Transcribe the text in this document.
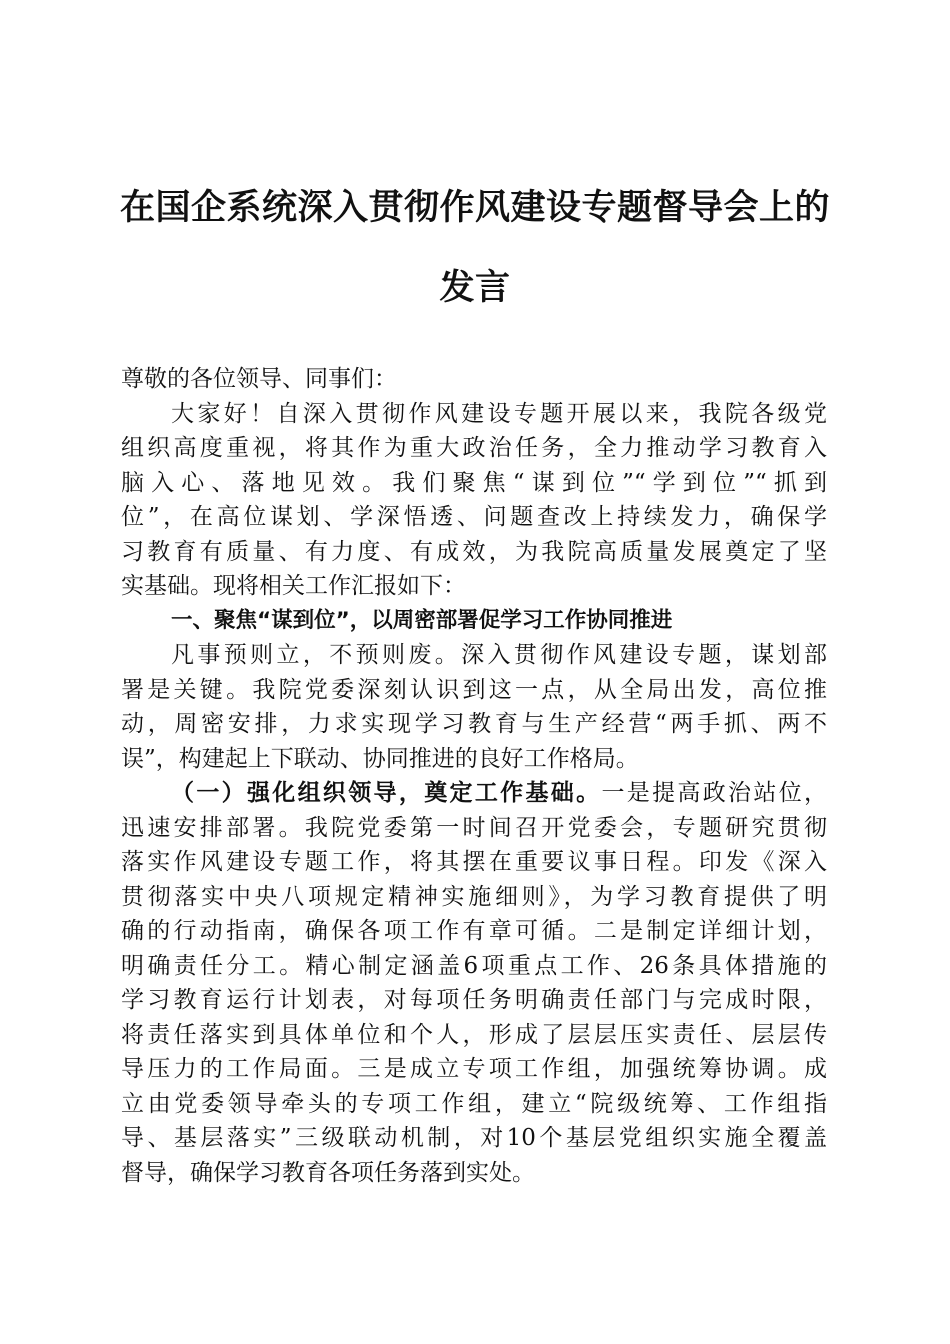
在国企系统深入贯彻作风建设专题督导会上的
发言
尊敬的各位领导、同事们：
大家好！自深入贯彻作风建设专题开展以来，我院各级党
组织高度重视，将其作为重大政治任务，全力推动学习教育入
脑入心、落地见效。我们聚焦“谋到位”“学到位”“抓到
位”，在高位谋划、学深悟透、问题查改上持续发力，确保学
习教育有质量、有力度、有成效，为我院高质量发展奠定了坚
实基础。现将相关工作汇报如下：
一、聚焦“谋到位”，以周密部署促学习工作协同推进
凡事预则立，不预则废。深入贯彻作风建设专题，谋划部
署是关键。我院党委深刻认识到这一点，从全局出发，高位推
动，周密安排，力求实现学习教育与生产经营“两手抓、两不
误”，构建起上下联动、协同推进的良好工作格局。
（一）强化组织领导，奠定工作基础。一是提高政治站位，
迅速安排部署。我院党委第一时间召开党委会，专题研究贯彻
落实作风建设专题工作，将其摆在重要议事日程。印发《深入
贯彻落实中央八项规定精神实施细则》，为学习教育提供了明
确的行动指南，确保各项工作有章可循。二是制定详细计划，
明确责任分工。精心制定涵盖6项重点工作、26条具体措施的
学习教育运行计划表，对每项任务明确责任部门与完成时限，
将责任落实到具体单位和个人，形成了层层压实责任、层层传
导压力的工作局面。三是成立专项工作组，加强统筹协调。成
立由党委领导牵头的专项工作组，建立“院级统筹、工作组指
导、基层落实”三级联动机制，对10个基层党组织实施全覆盖
督导，确保学习教育各项任务落到实处。
